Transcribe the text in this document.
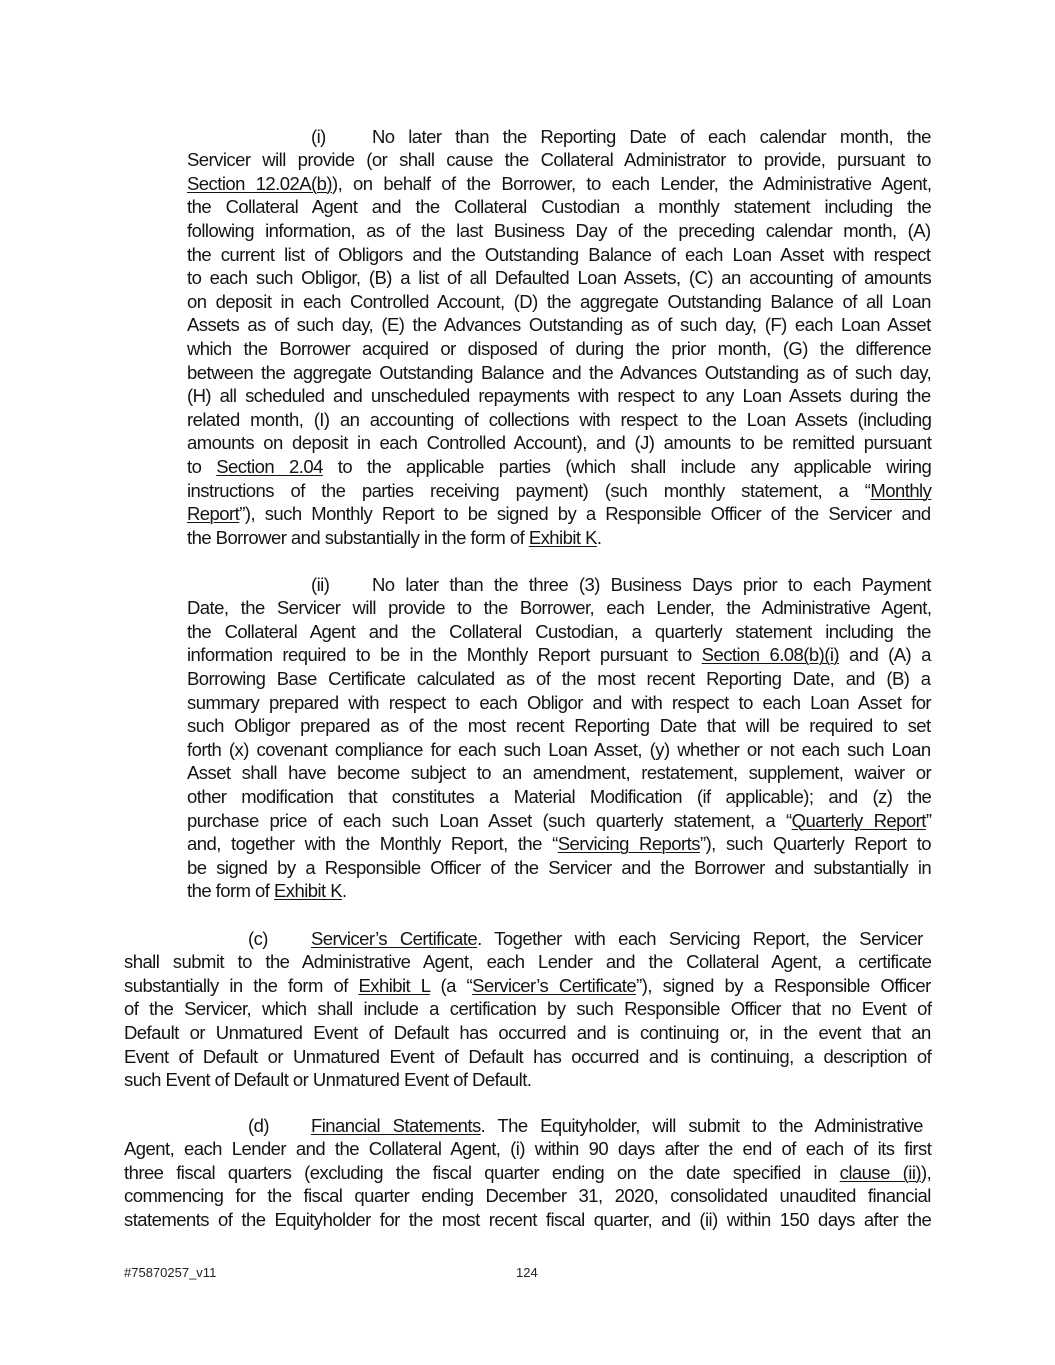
(i) No later than the Reporting Date of each calendar month, the
Servicer will provide (or shall cause the Collateral Administrator to provide, pursuant to
Section 12.02A(b)), on behalf of the Borrower, to each Lender, the Administrative Agent,
the Collateral Agent and the Collateral Custodian a monthly statement including the
following information, as of the last Business Day of the preceding calendar month, (A)
the current list of Obligors and the Outstanding Balance of each Loan Asset with respect
to each such Obligor, (B) a list of all Defaulted Loan Assets, (C) an accounting of amounts
on deposit in each Controlled Account, (D) the aggregate Outstanding Balance of all Loan
Assets as of such day, (E) the Advances Outstanding as of such day, (F) each Loan Asset
which the Borrower acquired or disposed of during the prior month, (G) the difference
between the aggregate Outstanding Balance and the Advances Outstanding as of such day,
(H) all scheduled and unscheduled repayments with respect to any Loan Assets during the
related month, (I) an accounting of collections with respect to the Loan Assets (including
amounts on deposit in each Controlled Account), and (J) amounts to be remitted pursuant
to Section 2.04 to the applicable parties (which shall include any applicable wiring
instructions of the parties receiving payment) (such monthly statement, a “Monthly
Report”), such Monthly Report to be signed by a Responsible Officer of the Servicer and
the Borrower and substantially in the form of Exhibit K.
(ii) No later than the three (3) Business Days prior to each Payment
Date, the Servicer will provide to the Borrower, each Lender, the Administrative Agent,
the Collateral Agent and the Collateral Custodian, a quarterly statement including the
information required to be in the Monthly Report pursuant to Section 6.08(b)(i) and (A) a
Borrowing Base Certificate calculated as of the most recent Reporting Date, and (B) a
summary prepared with respect to each Obligor and with respect to each Loan Asset for
such Obligor prepared as of the most recent Reporting Date that will be required to set
forth (x) covenant compliance for each such Loan Asset, (y) whether or not each such Loan
Asset shall have become subject to an amendment, restatement, supplement, waiver or
other modification that constitutes a Material Modification (if applicable); and (z) the
purchase price of each such Loan Asset (such quarterly statement, a “Quarterly Report”
and, together with the Monthly Report, the “Servicing Reports”), such Quarterly Report to
be signed by a Responsible Officer of the Servicer and the Borrower and substantially in
the form of Exhibit K.
(c) Servicer’s Certificate. Together with each Servicing Report, the Servicer
shall submit to the Administrative Agent, each Lender and the Collateral Agent, a certificate
substantially in the form of Exhibit L (a “Servicer’s Certificate”), signed by a Responsible Officer
of the Servicer, which shall include a certification by such Responsible Officer that no Event of
Default or Unmatured Event of Default has occurred and is continuing or, in the event that an
Event of Default or Unmatured Event of Default has occurred and is continuing, a description of
such Event of Default or Unmatured Event of Default.
(d) Financial Statements. The Equityholder, will submit to the Administrative
Agent, each Lender and the Collateral Agent, (i) within 90 days after the end of each of its first
three fiscal quarters (excluding the fiscal quarter ending on the date specified in clause (ii)),
commencing for the fiscal quarter ending December 31, 2020, consolidated unaudited financial
statements of the Equityholder for the most recent fiscal quarter, and (ii) within 150 days after the
#75870257_v11	124
